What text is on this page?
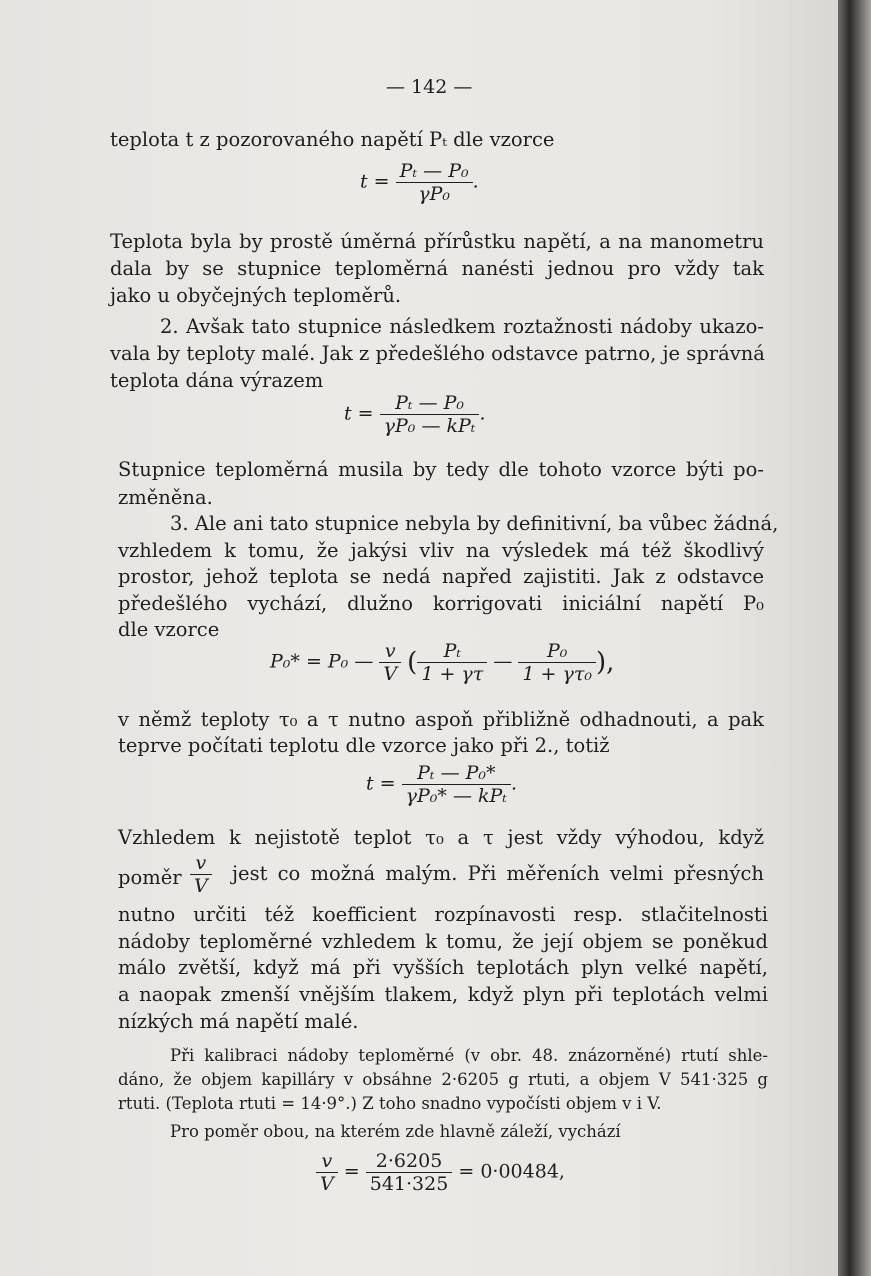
— 142 —
teplota t z pozorovaného napětí Pₜ dle vzorce
$t = \frac{\text{Pₜ — P₀}}{\text{γP₀}}$ .
Teplota byla by prostě úměrná přírůstku napětí, a na manometru
dala by se stupnice teploměrná nanésti jednou pro vždy tak
jako u obyčejných teploměrů.
2. Avšak tato stupnice následkem roztažnosti nádoby ukazo-
vala by teploty malé. Jak z předešlého odstavce patrno, je správná
teplota dána výrazem
$t = \frac{\text{Pₜ — P₀}}{\text{γP₀ — kPₜ}}$ .
Stupnice teploměrná musila by tedy dle tohoto vzorce býti po-
změněna.
3. Ale ani tato stupnice nebyla by definitivní, ba vůbec žádná,
vzhledem k tomu, že jakýsi vliv na výsledek má též škodlivý
prostor, jehož teplota se nedá napřed zajistiti. Jak z odstavce
předešlého vychází, dlužno korrigovati iniciální napětí P₀
dle vzorce
P₀* = P₀ — $\frac{v}{V}$ ( $\frac{\text{Pₜ}}{1 + \gamma\tau}$ — $\frac{\text{P₀}}{\text{1 + γτ₀}}$ ),
v němž teploty τ₀ a τ nutno aspoň přibližně odhadnouti, a pak
teprve počítati teplotu dle vzorce jako při 2., totiž
$t = \frac{\text{Pₜ — P₀*}}{\text{γP₀* — kPₜ}}$ .
Vzhledem k nejistotě teplot τ₀ a τ jest vždy výhodou, když
poměr $\frac{v}{V}$ jest co možná malým. Při měřeních velmi přesných
nutno určiti též koefficient rozpínavosti resp. stlačitelnosti
nádoby teploměrné vzhledem k tomu, že její objem se poněkud
málo zvětší, když má při vyšších teplotách plyn velké napětí,
a naopak zmenší vnějším tlakem, když plyn při teplotách velmi
nízkých má napětí malé.
Při kalibraci nádoby teploměrné (v obr. 48. znázorněné) rtutí shle-
dáno, že objem kapilláry v obsáhne 2·6205 g rtuti, a objem V 541·325 g
rtuti. (Teplota rtuti = 14·9°.) Z toho snadno vypočísti objem v i V.
Pro poměr obou, na kterém zde hlavně záleží, vychází
$\frac{v}{V} = \frac{2\cdot 6205}{541\cdot 325} = 0\cdot 00484$,
